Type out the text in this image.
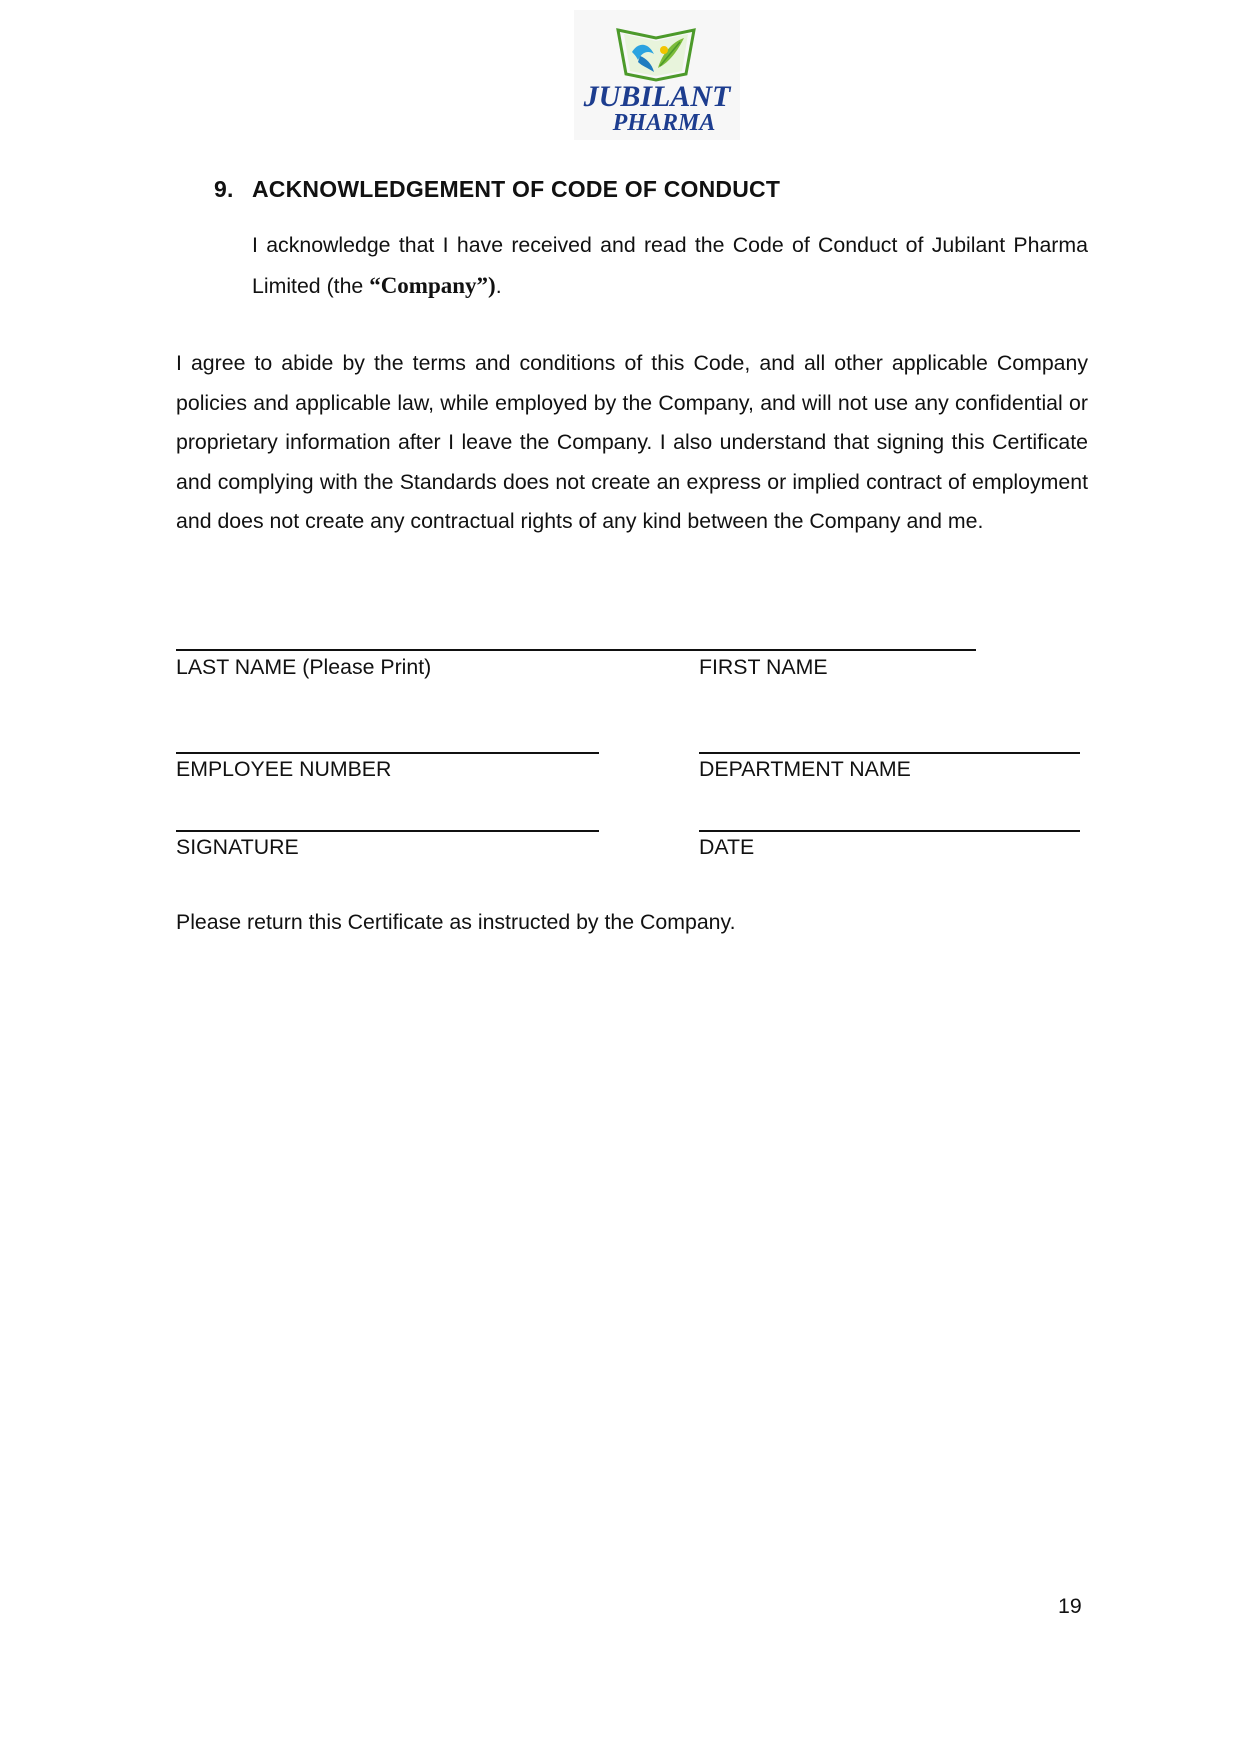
JUBILANT
PHARMA
9. ACKNOWLEDGEMENT OF CODE OF CONDUCT
I acknowledge that I have received and read the Code of Conduct of Jubilant Pharma Limited (the “Company”).
I agree to abide by the terms and conditions of this Code, and all other applicable Company policies and applicable law, while employed by the Company, and will not use any confidential or proprietary information after I leave the Company. I also understand that signing this Certificate and complying with the Standards does not create an express or implied contract of employment and does not create any contractual rights of any kind between the Company and me.
LAST NAME (Please Print)	FIRST NAME
EMPLOYEE NUMBER	DEPARTMENT NAME
SIGNATURE	DATE
Please return this Certificate as instructed by the Company.
19
